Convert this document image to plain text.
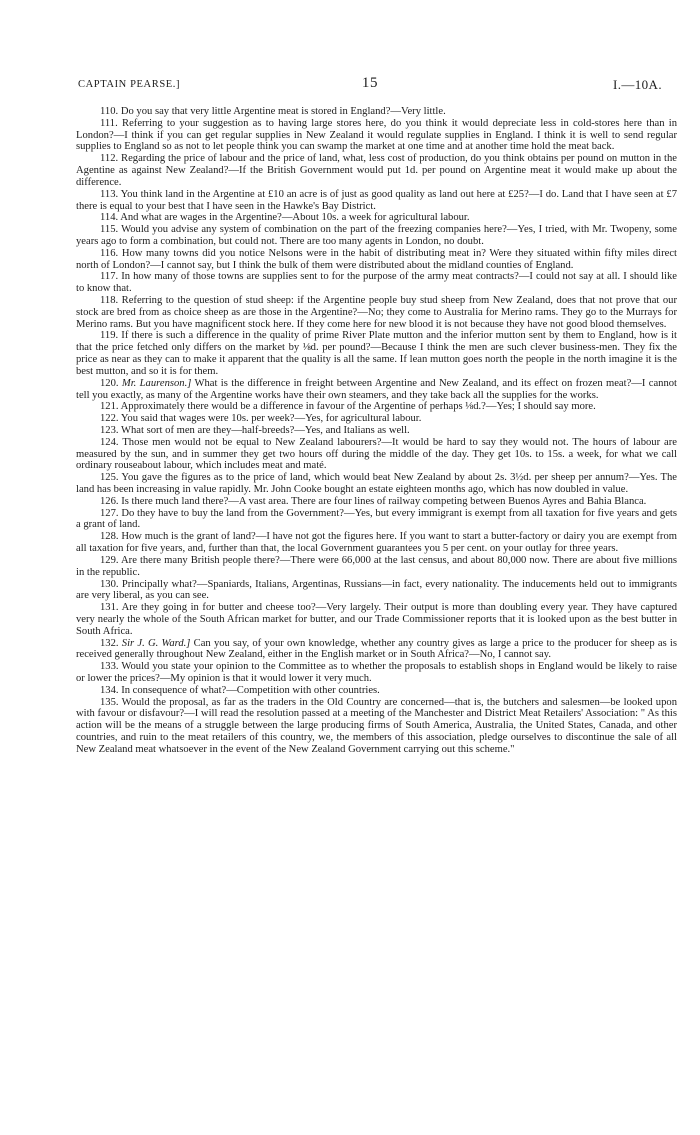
CAPTAIN PEARSE.]	15	I.—10A.

110. Do you say that very little Argentine meat is stored in England?—Very little.

111. Referring to your suggestion as to having large stores here, do you think it would depreciate less in cold-stores here than in London?—I think if you can get regular supplies in New Zealand it would regulate supplies in England. I think it is well to send regular supplies to England so as not to let people think you can swamp the market at one time and at another time hold the meat back.

112. Regarding the price of labour and the price of land, what, less cost of production, do you think obtains per pound on mutton in the Agentine as against New Zealand?—If the British Government would put 1d. per pound on Argentine meat it would make up about the difference.

113. You think land in the Argentine at £10 an acre is of just as good quality as land out here at £25?—I do. Land that I have seen at £7 there is equal to your best that I have seen in the Hawke's Bay District.

114. And what are wages in the Argentine?—About 10s. a week for agricultural labour.

115. Would you advise any system of combination on the part of the freezing companies here?—Yes, I tried, with Mr. Twopeny, some years ago to form a combination, but could not. There are too many agents in London, no doubt.

116. How many towns did you notice Nelsons were in the habit of distributing meat in? Were they situated within fifty miles direct north of London?—I cannot say, but I think the bulk of them were distributed about the midland counties of England.

117. In how many of those towns are supplies sent to for the purpose of the army meat contracts?—I could not say at all. I should like to know that.

118. Referring to the question of stud sheep: if the Argentine people buy stud sheep from New Zealand, does that not prove that our stock are bred from as choice sheep as are those in the Argentine?—No; they come to Australia for Merino rams. They go to the Murrays for Merino rams. But you have magnificent stock here. If they come here for new blood it is not because they have not good blood themselves.

119. If there is such a difference in the quality of prime River Plate mutton and the inferior mutton sent by them to England, how is it that the price fetched only differs on the market by ⅛d. per pound?—Because I think the men are such clever business-men. They fix the price as near as they can to make it apparent that the quality is all the same. If lean mutton goes north the people in the north imagine it is the best mutton, and so it is for them.

120. Mr. Laurenson.] What is the difference in freight between Argentine and New Zealand, and its effect on frozen meat?—I cannot tell you exactly, as many of the Argentine works have their own steamers, and they take back all the supplies for the works.

121. Approximately there would be a difference in favour of the Argentine of perhaps ⅛d.?—Yes; I should say more.

122. You said that wages were 10s. per week?—Yes, for agricultural labour.

123. What sort of men are they—half-breeds?—Yes, and Italians as well.

124. Those men would not be equal to New Zealand labourers?—It would be hard to say they would not. The hours of labour are measured by the sun, and in summer they get two hours off during the middle of the day. They get 10s. to 15s. a week, for what we call ordinary rouseabout labour, which includes meat and maté.

125. You gave the figures as to the price of land, which would beat New Zealand by about 2s. 3½d. per sheep per annum?—Yes. The land has been increasing in value rapidly. Mr. John Cooke bought an estate eighteen months ago, which has now doubled in value.

126. Is there much land there?—A vast area. There are four lines of railway competing between Buenos Ayres and Bahia Blanca.

127. Do they have to buy the land from the Government?—Yes, but every immigrant is exempt from all taxation for five years and gets a grant of land.

128. How much is the grant of land?—I have not got the figures here. If you want to start a butter-factory or dairy you are exempt from all taxation for five years, and, further than that, the local Government guarantees you 5 per cent. on your outlay for three years.

129. Are there many British people there?—There were 66,000 at the last census, and about 80,000 now. There are about five millions in the republic.

130. Principally what?—Spaniards, Italians, Argentinas, Russians—in fact, every nationality. The inducements held out to immigrants are very liberal, as you can see.

131. Are they going in for butter and cheese too?—Very largely. Their output is more than doubling every year. They have captured very nearly the whole of the South African market for butter, and our Trade Commissioner reports that it is looked upon as the best butter in South Africa.

132. Sir J. G. Ward.] Can you say, of your own knowledge, whether any country gives as large a price to the producer for sheep as is received generally throughout New Zealand, either in the English market or in South Africa?—No, I cannot say.

133. Would you state your opinion to the Committee as to whether the proposals to establish shops in England would be likely to raise or lower the prices?—My opinion is that it would lower it very much.

134. In consequence of what?—Competition with other countries.

135. Would the proposal, as far as the traders in the Old Country are concerned—that is, the butchers and salesmen—be looked upon with favour or disfavour?—I will read the resolution passed at a meeting of the Manchester and District Meat Retailers' Association: " As this action will be the means of a struggle between the large producing firms of South America, Australia, the United States, Canada, and other countries, and ruin to the meat retailers of this country, we, the members of this association, pledge ourselves to discontinue the sale of all New Zealand meat whatsoever in the event of the New Zealand Government carrying out this scheme."
